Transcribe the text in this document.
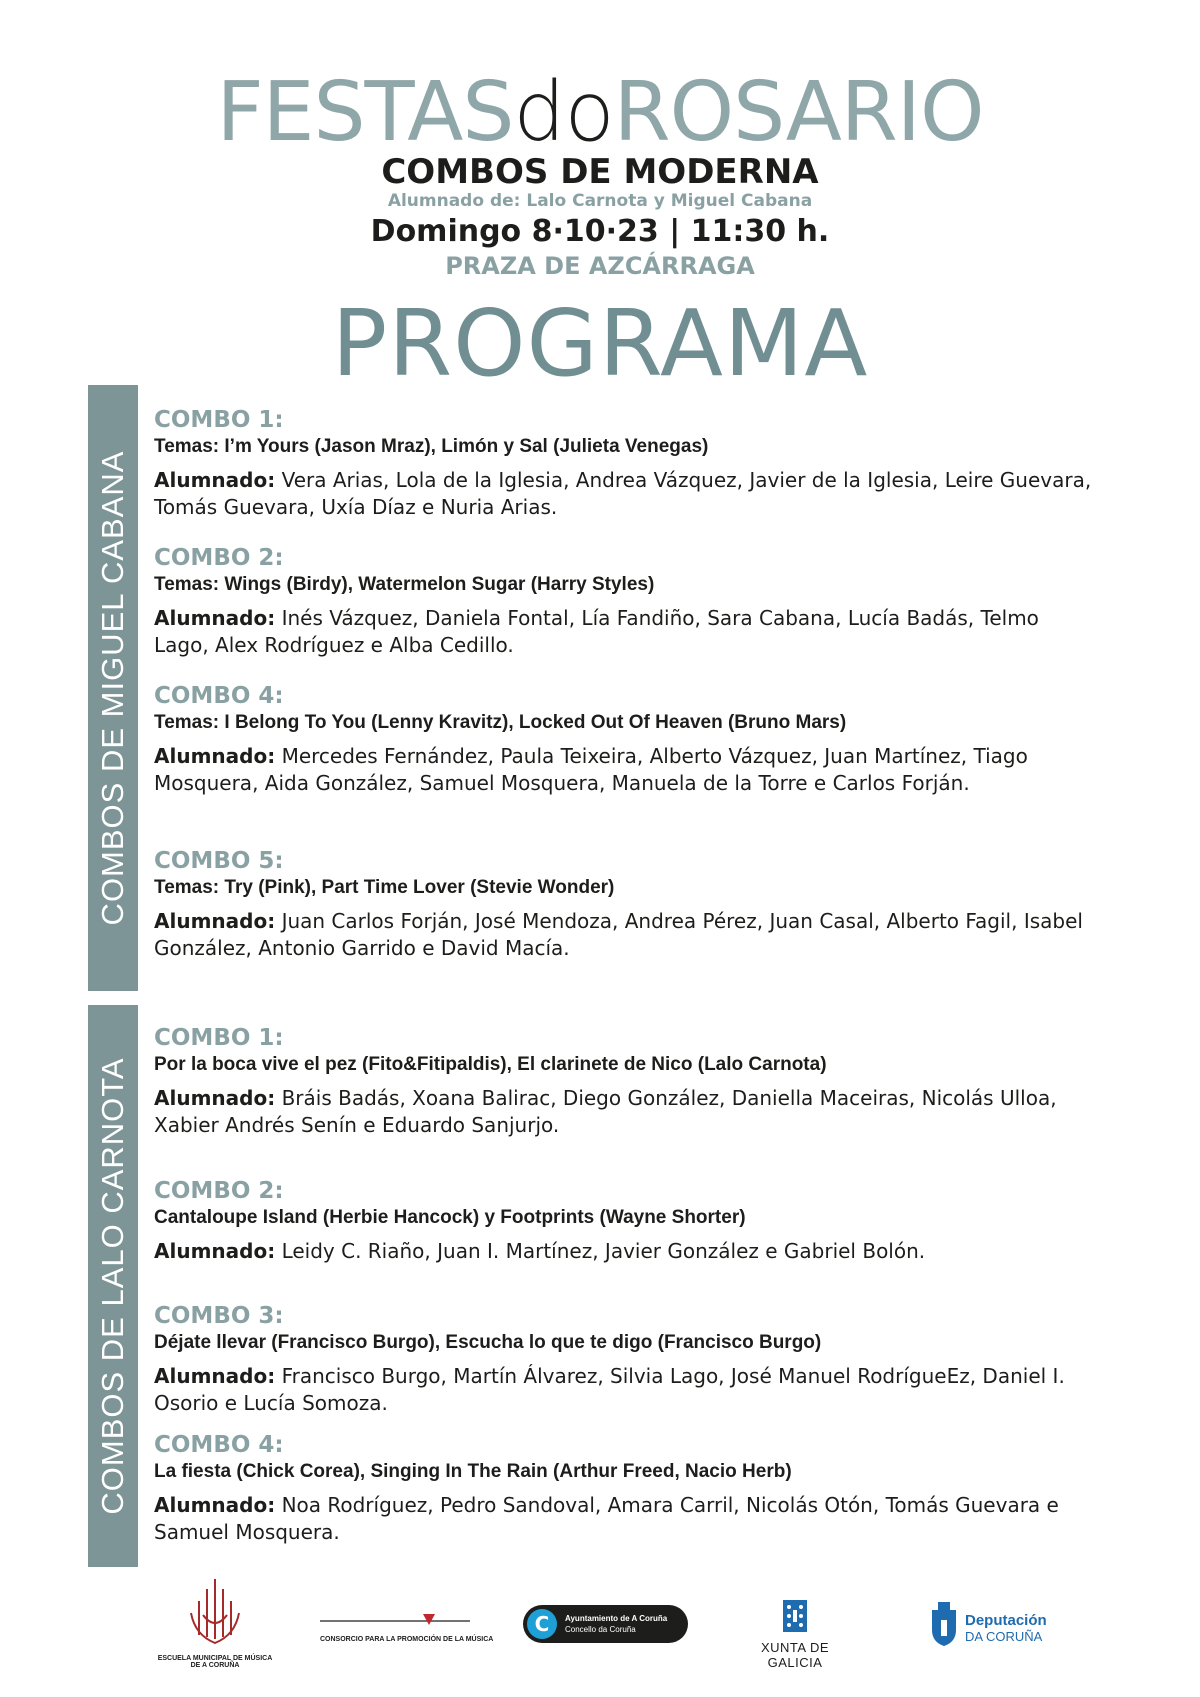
FESTASdoROSARIO
COMBOS DE MODERNA
Alumnado de: Lalo Carnota y Miguel Cabana
Domingo 8·10·23 | 11:30 h.
PRAZA DE AZCÁRRAGA
PROGRAMA
COMBOS DE MIGUEL CABANA
COMBOS DE LALO CARNOTA
COMBO 1:
Temas: I’m Yours (Jason Mraz), Limón y Sal (Julieta Venegas)
Alumnado: Vera Arias, Lola de la Iglesia, Andrea Vázquez, Javier de la Iglesia, Leire Guevara, Tomás Guevara, Uxía Díaz e Nuria Arias.
COMBO 2:
Temas: Wings (Birdy), Watermelon Sugar (Harry Styles)
Alumnado: Inés Vázquez, Daniela Fontal, Lía Fandiño, Sara Cabana, Lucía Badás, Telmo Lago, Alex Rodríguez e Alba Cedillo.
COMBO 4:
Temas: I Belong To You (Lenny Kravitz), Locked Out Of Heaven (Bruno Mars)
Alumnado: Mercedes Fernández, Paula Teixeira, Alberto Vázquez, Juan Martínez, Tiago Mosquera, Aida González, Samuel Mosquera, Manuela de la Torre e Carlos Forján.
COMBO 5:
Temas: Try (Pink), Part Time Lover (Stevie Wonder)
Alumnado: Juan Carlos Forján, José Mendoza, Andrea Pérez, Juan Casal, Alberto Fagil, Isabel González, Antonio Garrido e David Macía.
COMBO 1:
Por la boca vive el pez (Fito&Fitipaldis), El clarinete de Nico (Lalo Carnota)
Alumnado: Bráis Badás, Xoana Balirac, Diego González, Daniella Maceiras, Nicolás Ulloa, Xabier Andrés Senín e Eduardo Sanjurjo.
COMBO 2:
Cantaloupe Island (Herbie Hancock) y Footprints (Wayne Shorter)
Alumnado: Leidy C. Riaño, Juan I. Martínez, Javier González e Gabriel Bolón.
COMBO 3:
Déjate llevar (Francisco Burgo), Escucha lo que te digo (Francisco Burgo)
Alumnado: Francisco Burgo, Martín Álvarez, Silvia Lago, José Manuel RodrígueEz, Daniel I. Osorio e Lucía Somoza.
COMBO 4:
La fiesta (Chick Corea), Singing In The Rain (Arthur Freed, Nacio Herb)
Alumnado: Noa Rodríguez, Pedro Sandoval, Amara Carril, Nicolás Otón, Tomás Guevara e Samuel Mosquera.
ESCUELA MUNICIPAL DE MÚSICA
DE A CORUÑA
CONSORCIO PARA LA PROMOCIÓN DE LA MÚSICA
C	Ayuntamiento de A Coruña
Concello da Coruña
XUNTA DE GALICIA
Deputación
DA CORUÑA
